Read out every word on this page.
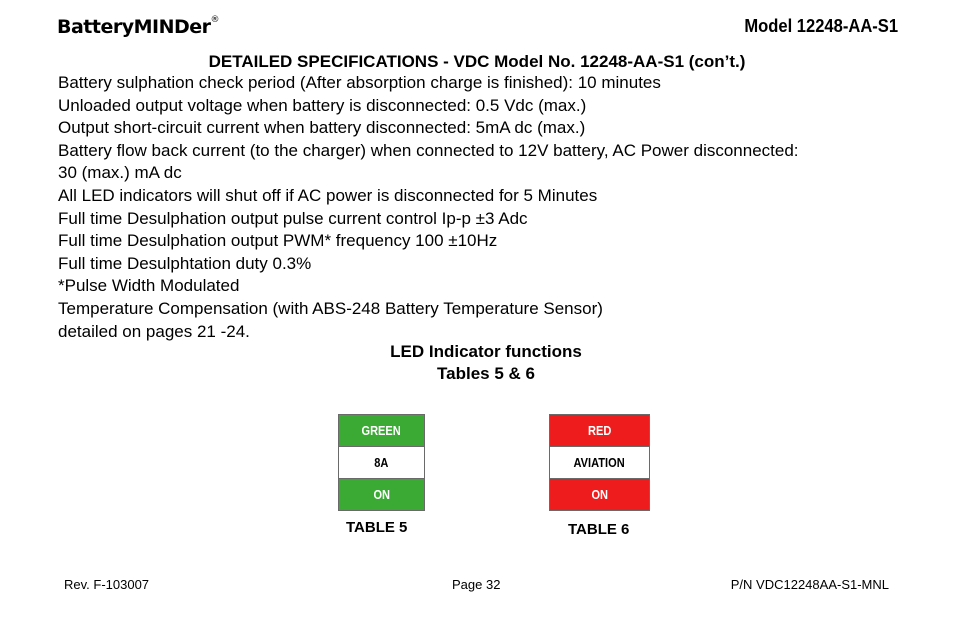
BatteryMINDer®	Model 12248-AA-S1
DETAILED SPECIFICATIONS - VDC Model No. 12248-AA-S1 (con’t.)
Battery sulphation check period (After absorption charge is finished): 10 minutes
Unloaded output voltage when battery is disconnected: 0.5 Vdc (max.)
Output short-circuit current when battery disconnected: 5mA dc (max.)
Battery flow back current (to the charger) when connected to 12V battery, AC Power disconnected:
30 (max.) mA dc
All LED indicators will shut off if AC power is disconnected for 5 Minutes
Full time Desulphation output pulse current control Ip-p ±3 Adc
Full time Desulphation output PWM* frequency 100 ±10Hz
Full time Desulphtation duty 0.3%
*Pulse Width Modulated
Temperature Compensation (with ABS-248 Battery Temperature Sensor)
detailed on pages 21 -24.
LED Indicator functions
Tables 5 & 6
GREEN
8A
ON
TABLE 5
RED
AVIATION
ON
TABLE 6
Rev. F-103007	Page 32	P/N VDC12248AA-S1-MNL
